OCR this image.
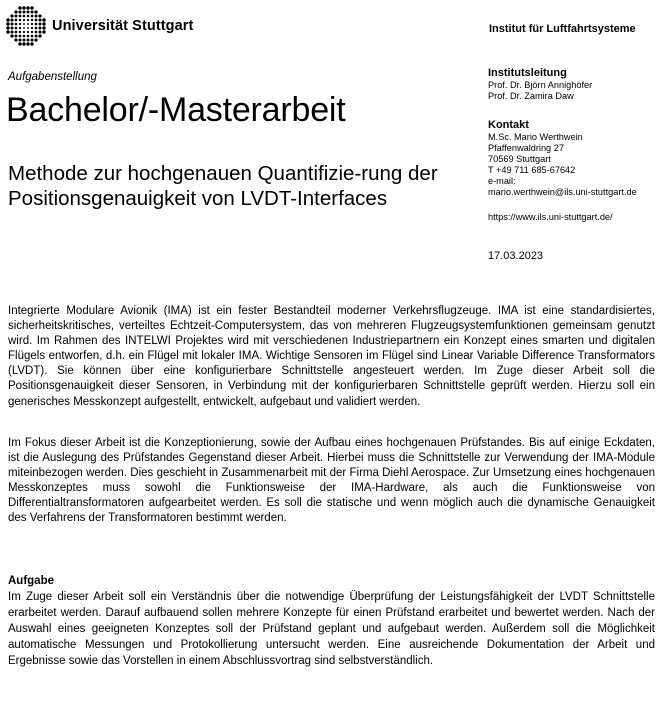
Universität Stuttgart	Institut für Luftfahrtsysteme
Aufgabenstellung
Bachelor/-Masterarbeit
Methode zur hochgenauen Quantifizie-rung der Positionsgenauigkeit von LVDT-Interfaces
Institutsleitung
Prof. Dr. Björn Annighöfer
Prof. Dr. Zamira Daw
Kontakt
M.Sc. Mario Werthwein
Pfaffenwaldring 27
70569 Stuttgart
T +49 711 685-67642
e-mail:
mario.werthwein@ils.uni-stuttgart.de
https://www.ils.uni-stuttgart.de/
17.03.2023

Integrierte Modulare Avionik (IMA) ist ein fester Bestandteil moderner Verkehrsflugzeuge. IMA ist eine standardisiertes, sicherheitskritisches, verteiltes Echtzeit-Computersystem, das von mehreren Flugzeugsystemfunktionen gemeinsam genutzt wird. Im Rahmen des INTELWI Projektes wird mit verschiedenen Industriepartnern ein Konzept eines smarten und digitalen Flügels entworfen, d.h. ein Flügel mit lokaler IMA. Wichtige Sensoren im Flügel sind Linear Variable Difference Transformators (LVDT). Sie können über eine konfigurierbare Schnittstelle angesteuert werden. Im Zuge dieser Arbeit soll die Positionsgenauigkeit dieser Sensoren, in Verbindung mit der konfigurierbaren Schnittstelle geprüft werden. Hierzu soll ein generisches Messkonzept aufgestellt, entwickelt, aufgebaut und validiert werden.

Im Fokus dieser Arbeit ist die Konzeptionierung, sowie der Aufbau eines hochgenauen Prüfstandes. Bis auf einige Eckdaten, ist die Auslegung des Prüfstandes Gegenstand dieser Arbeit. Hierbei muss die Schnittstelle zur Verwendung der IMA-Module miteinbezogen werden. Dies geschieht in Zusammenarbeit mit der Firma Diehl Aerospace. Zur Umsetzung eines hochgenauen Messkonzeptes muss sowohl die Funktionsweise der IMA-Hardware, als auch die Funktionsweise von Differentialtransformatoren aufgearbeitet werden. Es soll die statische und wenn möglich auch die dynamische Genauigkeit des Verfahrens der Transformatoren bestimmt werden.

Aufgabe

Im Zuge dieser Arbeit soll ein Verständnis über die notwendige Überprüfung der Leistungsfähigkeit der LVDT Schnittstelle erarbeitet werden. Darauf aufbauend sollen mehrere Konzepte für einen Prüfstand erarbeitet und bewertet werden. Nach der Auswahl eines geeigneten Konzeptes soll der Prüfstand geplant und aufgebaut werden. Außerdem soll die Möglichkeit automatische Messungen und Protokollierung untersucht werden. Eine ausreichende Dokumentation der Arbeit und Ergebnisse sowie das Vorstellen in einem Abschlussvortrag sind selbstverständlich.
